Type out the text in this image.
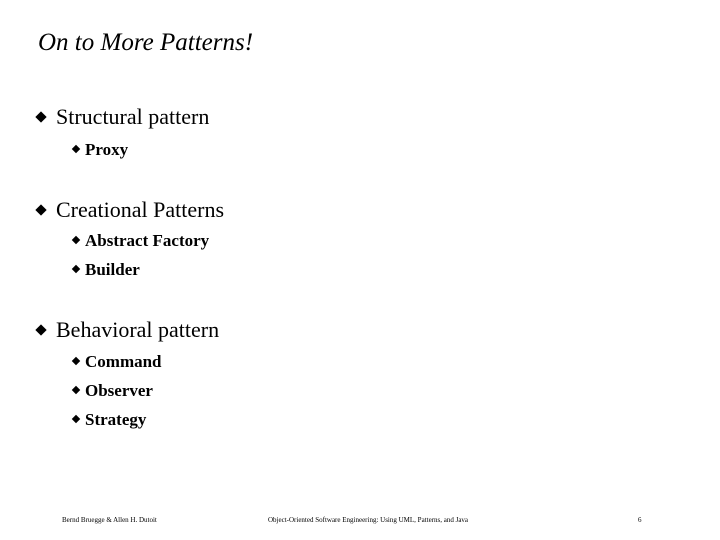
On to More Patterns!
Structural pattern
Proxy
Creational Patterns
Abstract Factory
Builder
Behavioral pattern
Command
Observer
Strategy
Bernd Bruegge & Allen H. Dutoit	Object-Oriented Software Engineering: Using UML, Patterns, and Java	6
